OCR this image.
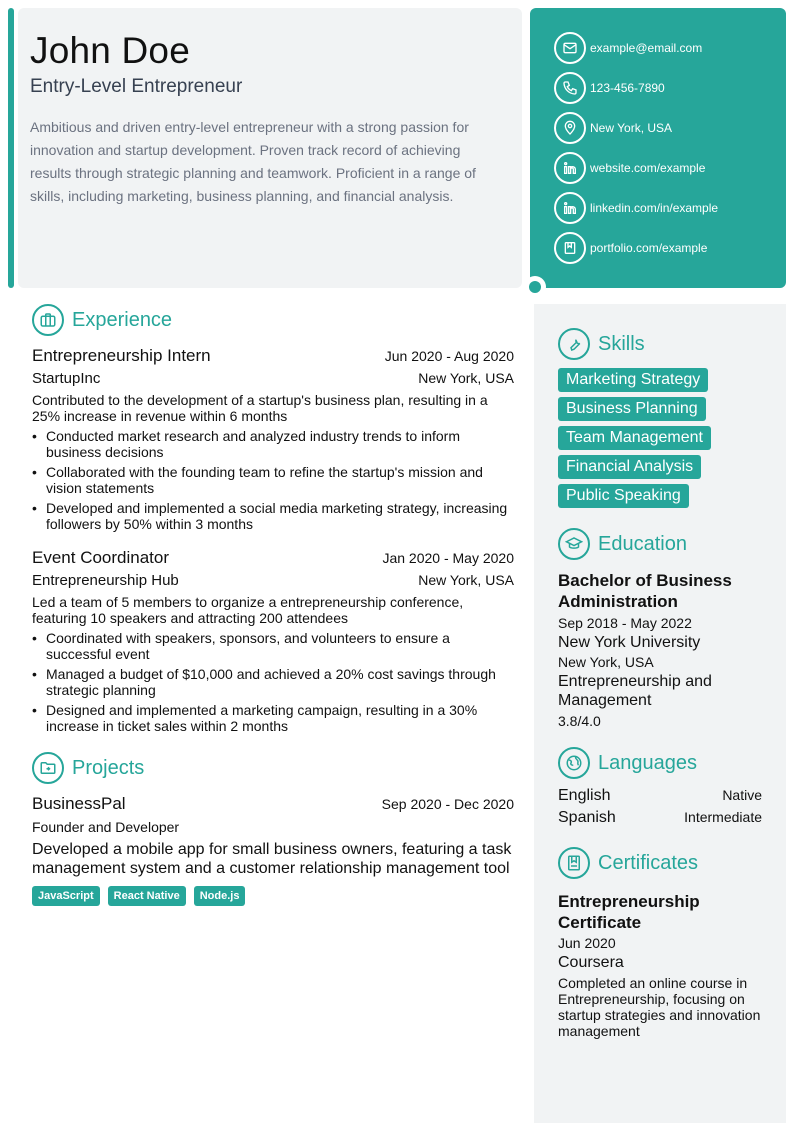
John Doe
Entry-Level Entrepreneur

Ambitious and driven entry-level entrepreneur with a strong passion for innovation and startup development. Proven track record of achieving results through strategic planning and teamwork. Proficient in a range of skills, including marketing, business planning, and financial analysis.

example@email.com
123-456-7890
New York, USA
website.com/example
linkedin.com/in/example
portfolio.com/example
Experience
Entrepreneurship Intern	Jun 2020 - Aug 2020
StartupInc	New York, USA

Contributed to the development of a startup's business plan, resulting in a 25% increase in revenue within 6 months

• Conducted market research and analyzed industry trends to inform business decisions
• Collaborated with the founding team to refine the startup's mission and vision statements
• Developed and implemented a social media marketing strategy, increasing followers by 50% within 3 months
Event Coordinator	Jan 2020 - May 2020
Entrepreneurship Hub	New York, USA

Led a team of 5 members to organize a entrepreneurship conference, featuring 10 speakers and attracting 200 attendees

• Coordinated with speakers, sponsors, and volunteers to ensure a successful event
• Managed a budget of $10,000 and achieved a 20% cost savings through strategic planning
• Designed and implemented a marketing campaign, resulting in a 30% increase in ticket sales within 2 months
Projects
BusinessPal	Sep 2020 - Dec 2020
Founder and Developer

Developed a mobile app for small business owners, featuring a task management system and a customer relationship management tool

JavaScript	React Native	Node.js
Skills
Marketing Strategy
Business Planning
Team Management
Financial Analysis
Public Speaking
Education
Bachelor of Business Administration
Sep 2018 - May 2022
New York University
New York, USA
Entrepreneurship and Management
3.8/4.0
Languages
English	Native
Spanish	Intermediate
Certificates
Entrepreneurship Certificate
Jun 2020
Coursera

Completed an online course in Entrepreneurship, focusing on startup strategies and innovation management
